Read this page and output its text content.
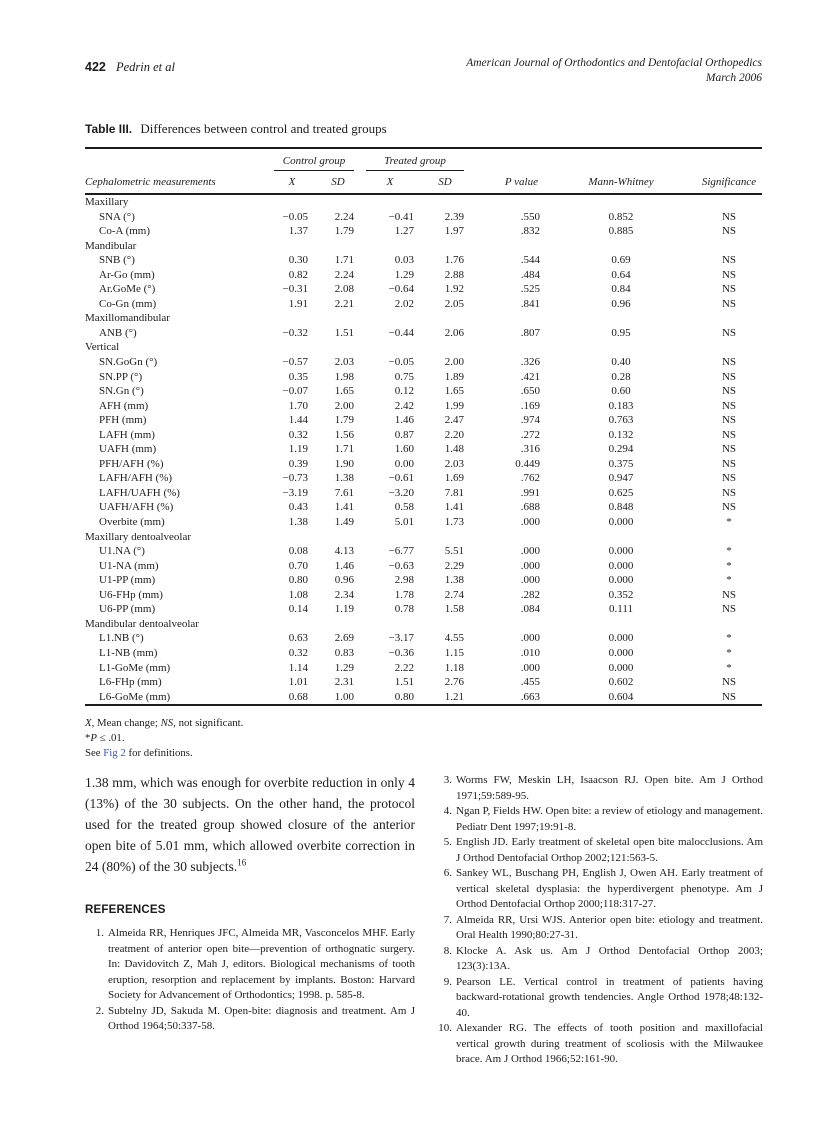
422 Pedrin et al	American Journal of Orthodontics and Dentofacial Orthopedics
March 2006
Table III. Differences between control and treated groups

	Control group		Treated group				

Cephalometric measurements	X	SD	X	SD	P value	Mann-Whitney	Significance
Maxillary							
SNA (°)	−0.05	2.24	−0.41	2.39	.550	0.852	NS
Co-A (mm)	1.37	1.79	1.27	1.97	.832	0.885	NS
Mandibular							
SNB (°)	0.30	1.71	0.03	1.76	.544	0.69	NS
Ar-Go (mm)	0.82	2.24	1.29	2.88	.484	0.64	NS
Ar.GoMe (°)	−0.31	2.08	−0.64	1.92	.525	0.84	NS
Co-Gn (mm)	1.91	2.21	2.02	2.05	.841	0.96	NS
Maxillomandibular							
ANB (°)	−0.32	1.51	−0.44	2.06	.807	0.95	NS
Vertical							
SN.GoGn (°)	−0.57	2.03	−0.05	2.00	.326	0.40	NS
SN.PP (°)	0.35	1.98	0.75	1.89	.421	0.28	NS
SN.Gn (°)	−0.07	1.65	0.12	1.65	.650	0.60	NS
AFH (mm)	1.70	2.00	2.42	1.99	.169	0.183	NS
PFH (mm)	1.44	1.79	1.46	2.47	.974	0.763	NS
LAFH (mm)	0.32	1.56	0.87	2.20	.272	0.132	NS
UAFH (mm)	1.19	1.71	1.60	1.48	.316	0.294	NS
PFH/AFH (%)	0.39	1.90	0.00	2.03	0.449	0.375	NS
LAFH/AFH (%)	−0.73	1.38	−0.61	1.69	.762	0.947	NS
LAFH/UAFH (%)	−3.19	7.61	−3.20	7.81	.991	0.625	NS
UAFH/AFH (%)	0.43	1.41	0.58	1.41	.688	0.848	NS
Overbite (mm)	1.38	1.49	5.01	1.73	.000	0.000	*
Maxillary dentoalveolar							
U1.NA (°)	0.08	4.13	−6.77	5.51	.000	0.000	*
U1-NA (mm)	0.70	1.46	−0.63	2.29	.000	0.000	*
U1-PP (mm)	0.80	0.96	2.98	1.38	.000	0.000	*
U6-FHp (mm)	1.08	2.34	1.78	2.74	.282	0.352	NS
U6-PP (mm)	0.14	1.19	0.78	1.58	.084	0.111	NS
Mandibular dentoalveolar							
L1.NB (°)	0.63	2.69	−3.17	4.55	.000	0.000	*
L1-NB (mm)	0.32	0.83	−0.36	1.15	.010	0.000	*
L1-GoMe (mm)	1.14	1.29	2.22	1.18	.000	0.000	*
L6-FHp (mm)	1.01	2.31	1.51	2.76	.455	0.602	NS
L6-GoMe (mm)	0.68	1.00	0.80	1.21	.663	0.604	NS
X, Mean change; NS, not significant.
*P ≤ .01.
See Fig 2 for definitions.

1.38 mm, which was enough for overbite reduction in only 4 (13%) of the 30 subjects. On the other hand, the protocol used for the treated group showed closure of the anterior open bite of 5.01 mm, which allowed overbite correction in 24 (80%) of the 30 subjects.$^{16}$

REFERENCES
1. Almeida RR, Henriques JFC, Almeida MR, Vasconcelos MHF. Early treatment of anterior open bite—prevention of orthognatic surgery. In: Davidovitch Z, Mah J, editors. Biological mechanisms of tooth eruption, resorption and replacement by implants. Boston: Harvard Society for Advancement of Orthodontics; 1998. p. 585-8.
2. Subtelny JD, Sakuda M. Open-bite: diagnosis and treatment. Am J Orthod 1964;50:337-58.
3. Worms FW, Meskin LH, Isaacson RJ. Open bite. Am J Orthod 1971;59:589-95.
4. Ngan P, Fields HW. Open bite: a review of etiology and management. Pediatr Dent 1997;19:91-8.
5. English JD. Early treatment of skeletal open bite malocclusions. Am J Orthod Dentofacial Orthop 2002;121:563-5.
6. Sankey WL, Buschang PH, English J, Owen AH. Early treatment of vertical skeletal dysplasia: the hyperdivergent phenotype. Am J Orthod Dentofacial Orthop 2000;118:317-27.
7. Almeida RR, Ursi WJS. Anterior open bite: etiology and treatment. Oral Health 1990;80:27-31.
8. Klocke A. Ask us. Am J Orthod Dentofacial Orthop 2003; 123(3):13A.
9. Pearson LE. Vertical control in treatment of patients having backward-rotational growth tendencies. Angle Orthod 1978;48:132-40.
10. Alexander RG. The effects of tooth position and maxillofacial vertical growth during treatment of scoliosis with the Milwaukee brace. Am J Orthod 1966;52:161-90.
